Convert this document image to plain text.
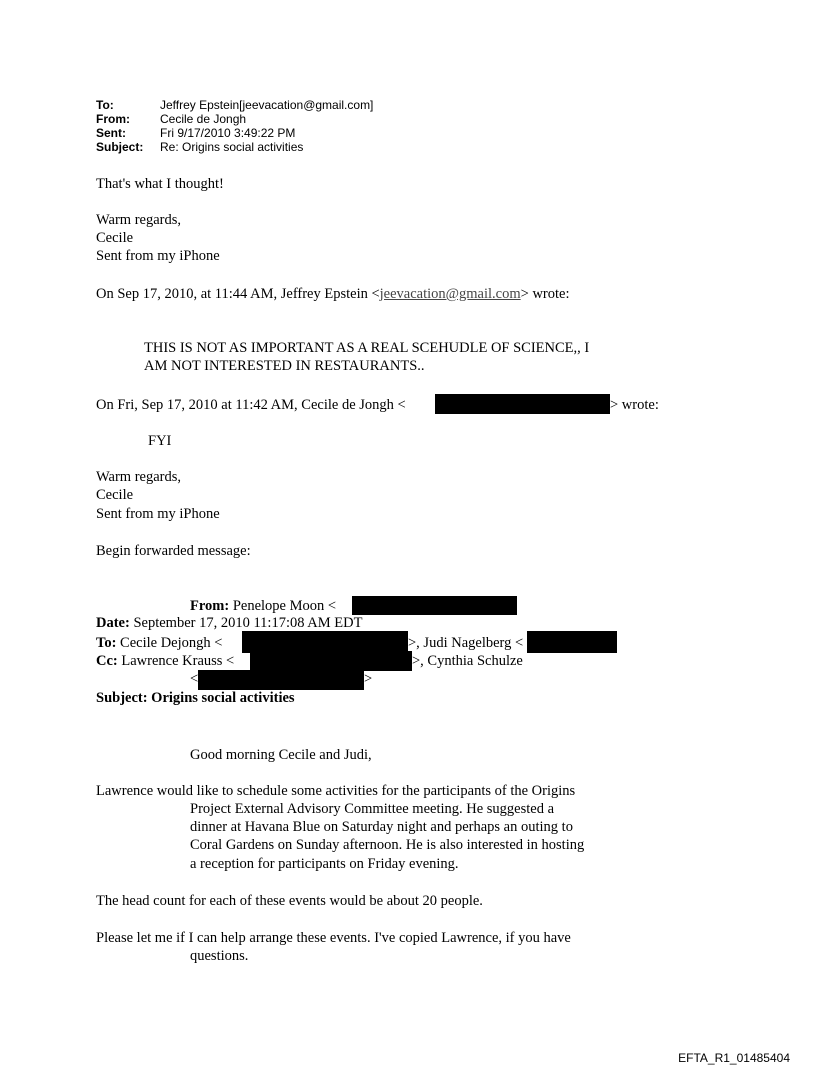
To:	Jeffrey Epstein[jeevacation@gmail.com]
From:	Cecile de Jongh
Sent:	Fri 9/17/2010 3:49:22 PM
Subject: Re: Origins social activities
That's what I thought!
Warm regards,
Cecile
Sent from my iPhone
On Sep 17, 2010, at 11:44 AM, Jeffrey Epstein <jeevacation@gmail.com> wrote:
THIS IS NOT AS IMPORTANT AS A REAL SCEHUDLE OF SCIENCE,, I
AM NOT INTERESTED IN RESTAURANTS..
On Fri, Sep 17, 2010 at 11:42 AM, Cecile de Jongh <	> wrote:
FYI
Warm regards,
Cecile
Sent from my iPhone
Begin forwarded message:
From: Penelope Moon <
Date: September 17, 2010 11:17:08 AM EDT
To: Cecile Dejongh <	>, Judi Nagelberg <
Cc: Lawrence Krauss <	>, Cynthia Schulze
<	>
Subject: Origins social activities
Good morning Cecile and Judi,
Lawrence would like to schedule some activities for the participants of the Origins
Project External Advisory Committee meeting. He suggested a
dinner at Havana Blue on Saturday night and perhaps an outing to
Coral Gardens on Sunday afternoon. He is also interested in hosting
a reception for participants on Friday evening.
The head count for each of these events would be about 20 people.
Please let me if I can help arrange these events. I've copied Lawrence, if you have
questions.
EFTA_R1_01485404
